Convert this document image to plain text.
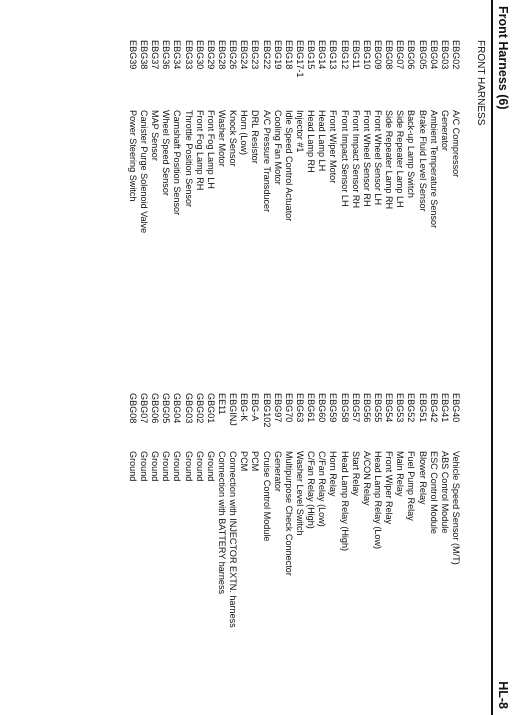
Front Harness (6)
HL-8
FRONT HARNESS
EBG02
A/C Compressor
EBG03
Generator
EBG04
Ambient Temperature Sensor
EBG05
Brake Fluid Level Sensor
EBG06
Back-up Lamp Switch
EBG07
Side Repeater Lamp LH
EBG08
Side Repeater Lamp RH
EBG09
Front Wheel Sensor LH
EBG10
Front Wheel Sensor RH
EBG11
Front Impact Sensor RH
EBG12
Front Impact Sensor LH
EBG13
Front Wiper Motor
EBG14
Head Lamp LH
EBG15
Head Lamp RH
EBG17-1
Injector #1
EBG18
Idle Speed Control Actuator
EBG19
Cooling Fan Motor
EBG22
A/C Pressure Transducer
EBG23
DRL Resistor
EBG24
Horn (Low)
EBG26
Knock Sensor
EBG28
Washer Motor
EBG29
Front Fog Lamp LH
EBG30
Front Fog Lamp RH
EBG33
Throttle Position Sensor
EBG34
Camshaft Position Sensor
EBG36
Wheel Speed Sensor
EBG37
MAP Sensor
EBG38
Canister Purge Solenoid Valve
EBG39
Power Steering Switch
EBG40
Vehicle Speed Sensor (M/T)
EBG41
ABS Control Module
EBG42
ESC Control Module
EBG51
Blower Relay
EBG52
Fuel Pump Relay
EBG53
Main Relay
EBG54
Front Wiper Relay
EBG55
Head Lamp Relay (Low)
EBG56
A/CON Relay
EBG57
Start Relay
EBG58
Head Lamp Relay (High)
EBG59
Horn Relay
EBG60
C/Fan Relay (Low)
EBG61
C/Fan Relay (High)
EBG63
Washer Level Switch
EBG70
Multipurpose Check Connector
EBG97
Generator
EBG102
Cruise Control Module
EBG-A
PCM
EBG-K
PCM
EBGINJ
Connection with INJECTOR EXTN. harness
EE11
Connection with BATTERY harness
GBG01
Ground
GBG02
Ground
GBG03
Ground
GBG04
Ground
GBG05
Ground
GBG06
Ground
GBG07
Ground
GBG08
Ground
